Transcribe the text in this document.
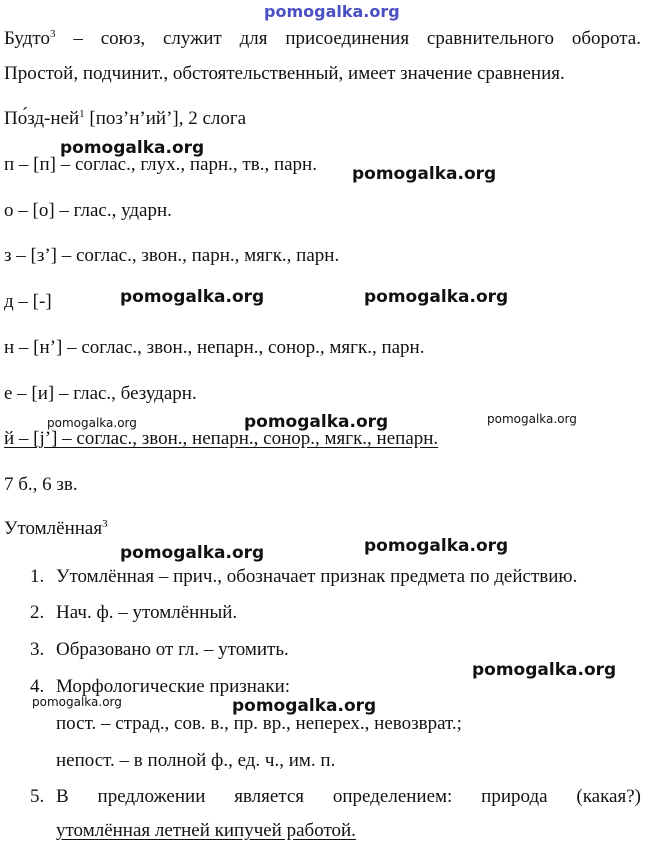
pomogalka.org
Будто$^3$ – союз, служит для присоединения сравнительного оборота.
Простой, подчинит., обстоятельственный, имеет значение сравнения.
По́зд-ней$^1$ [поз’н’ий’], 2 слога
п – [п] – соглас., глух., парн., тв., парн.
о – [о] – глас., ударн.
з – [з’] – соглас., звон., парн., мягк., парн.
д – [-]
н – [н’] – соглас., звон., непарн., сонор., мягк., парн.
е – [и] – глас., безударн.
й – [j’] – соглас., звон., непарн., сонор., мягк., непарн.
7 б., 6 зв.
Утомлённая$^3$
1. Утомлённая – прич., обозначает признак предмета по действию.
2. Нач. ф. – утомлённый.
3. Образовано от гл. – утомить.
4. Морфологические признаки:
пост. – страд., сов. в., пр. вр., неперех., невозврат.;
непост. – в полной ф., ед. ч., им. п.
5. В предложении является определением: природа (какая?)
утомлённая летней кипучей работой.
pomogalka.org
pomogalka.org
pomogalka.org	pomogalka.org
pomogalka.org	pomogalka.org	pomogalka.org
pomogalka.org	pomogalka.org
pomogalka.org
pomogalka.org	pomogalka.org
